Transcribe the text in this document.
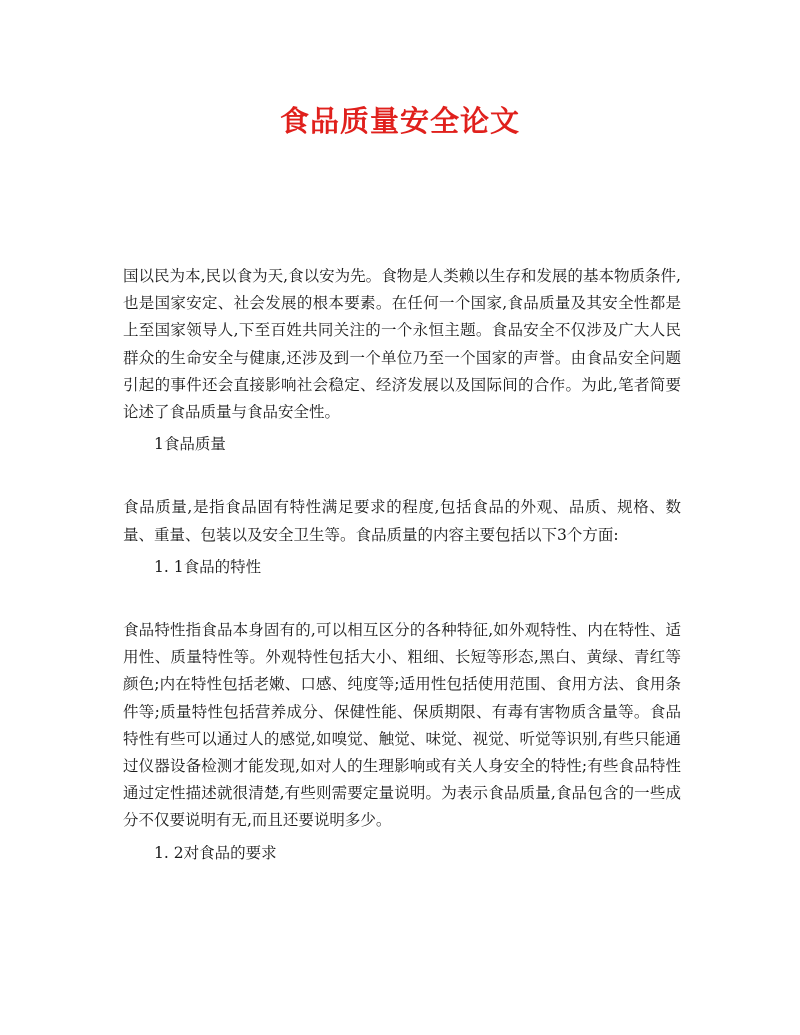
食品质量安全论文

国以民为本,民以食为天,食以安为先。食物是人类赖以生存和发展的基本物质条件,也是国家安定、社会发展的根本要素。在任何一个国家,食品质量及其安全性都是上至国家领导人,下至百姓共同关注的一个永恒主题。食品安全不仅涉及广大人民群众的生命安全与健康,还涉及到一个单位乃至一个国家的声誉。由食品安全问题引起的事件还会直接影响社会稳定、经济发展以及国际间的合作。为此,笔者简要论述了食品质量与食品安全性。

1食品质量

食品质量,是指食品固有特性满足要求的程度,包括食品的外观、品质、规格、数量、重量、包装以及安全卫生等。食品质量的内容主要包括以下3个方面:

1. 1食品的特性

食品特性指食品本身固有的,可以相互区分的各种特征,如外观特性、内在特性、适用性、质量特性等。外观特性包括大小、粗细、长短等形态,黑白、黄绿、青红等颜色;内在特性包括老嫩、口感、纯度等;适用性包括使用范围、食用方法、食用条件等;质量特性包括营养成分、保健性能、保质期限、有毒有害物质含量等。食品特性有些可以通过人的感觉,如嗅觉、触觉、味觉、视觉、听觉等识别,有些只能通过仪器设备检测才能发现,如对人的生理影响或有关人身安全的特性;有些食品特性通过定性描述就很清楚,有些则需要定量说明。为表示食品质量,食品包含的一些成分不仅要说明有无,而且还要说明多少。

1. 2对食品的要求
